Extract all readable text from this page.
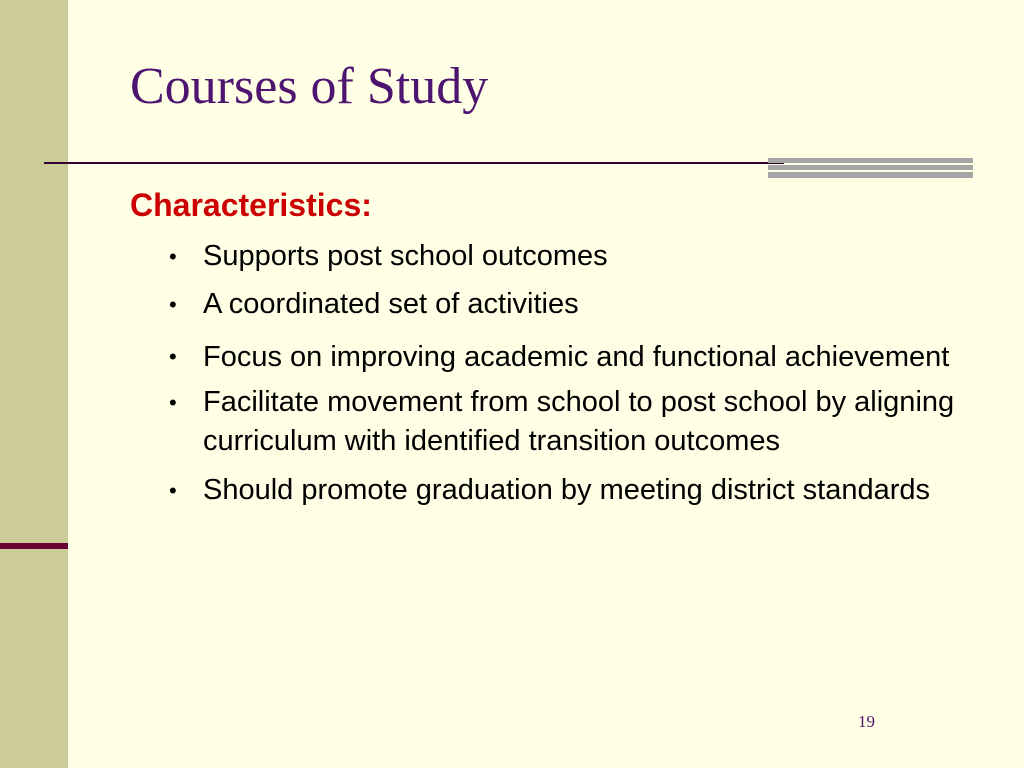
Courses of Study
Characteristics:
• Supports post school outcomes
• A coordinated set of activities
• Focus on improving academic and functional achievement
• Facilitate movement from school to post school by aligning curriculum with identified transition outcomes
• Should promote graduation by meeting district standards
19
